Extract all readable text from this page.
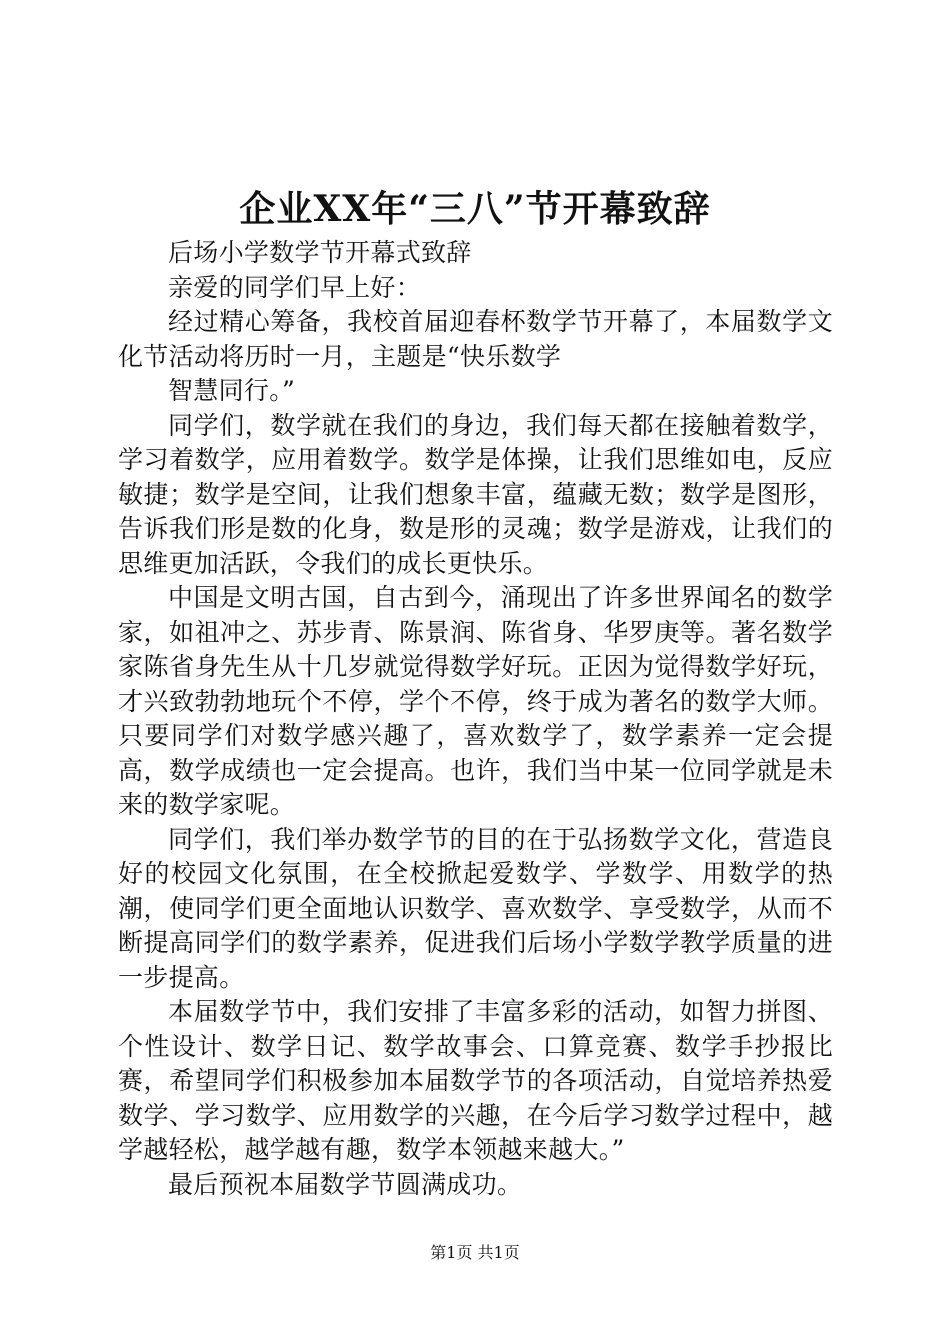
企业XX年“三八”节开幕致辞

后场小学数学节开幕式致辞

亲爱的同学们早上好：

经过精心筹备，我校首届迎春杯数学节开幕了，本届数学文化节活动将历时一月，主题是“快乐数学

智慧同行。”

同学们，数学就在我们的身边，我们每天都在接触着数学，学习着数学，应用着数学。数学是体操，让我们思维如电，反应敏捷；数学是空间，让我们想象丰富，蕴藏无数；数学是图形，告诉我们形是数的化身，数是形的灵魂；数学是游戏，让我们的思维更加活跃，令我们的成长更快乐。

中国是文明古国，自古到今，涌现出了许多世界闻名的数学家，如祖冲之、苏步青、陈景润、陈省身、华罗庚等。著名数学家陈省身先生从十几岁就觉得数学好玩。正因为觉得数学好玩，才兴致勃勃地玩个不停，学个不停，终于成为著名的数学大师。只要同学们对数学感兴趣了，喜欢数学了，数学素养一定会提高，数学成绩也一定会提高。也许，我们当中某一位同学就是未来的数学家呢。

同学们，我们举办数学节的目的在于弘扬数学文化，营造良好的校园文化氛围，在全校掀起爱数学、学数学、用数学的热潮，使同学们更全面地认识数学、喜欢数学、享受数学，从而不断提高同学们的数学素养，促进我们后场小学数学教学质量的进一步提高。

本届数学节中，我们安排了丰富多彩的活动，如智力拼图、个性设计、数学日记、数学故事会、口算竞赛、数学手抄报比赛，希望同学们积极参加本届数学节的各项活动，自觉培养热爱数学、学习数学、应用数学的兴趣，在今后学习数学过程中，越学越轻松，越学越有趣，数学本领越来越大。”

最后预祝本届数学节圆满成功。

第1页 共1页
